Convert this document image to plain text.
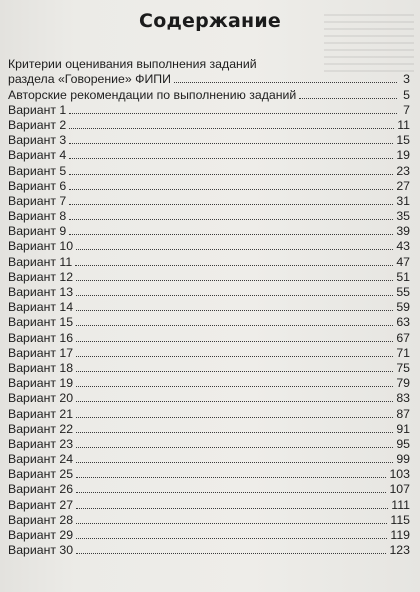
Содержание
Критерии оценивания выполнения заданий
раздела «Говорение» ФИПИ	3
Авторские рекомендации по выполнению заданий	5
Вариант 1	7
Вариант 2	11
Вариант 3	15
Вариант 4	19
Вариант 5	23
Вариант 6	27
Вариант 7	31
Вариант 8	35
Вариант 9	39
Вариант 10	43
Вариант 11	47
Вариант 12	51
Вариант 13	55
Вариант 14	59
Вариант 15	63
Вариант 16	67
Вариант 17	71
Вариант 18	75
Вариант 19	79
Вариант 20	83
Вариант 21	87
Вариант 22	91
Вариант 23	95
Вариант 24	99
Вариант 25	103
Вариант 26	107
Вариант 27	111
Вариант 28	115
Вариант 29	119
Вариант 30	123
